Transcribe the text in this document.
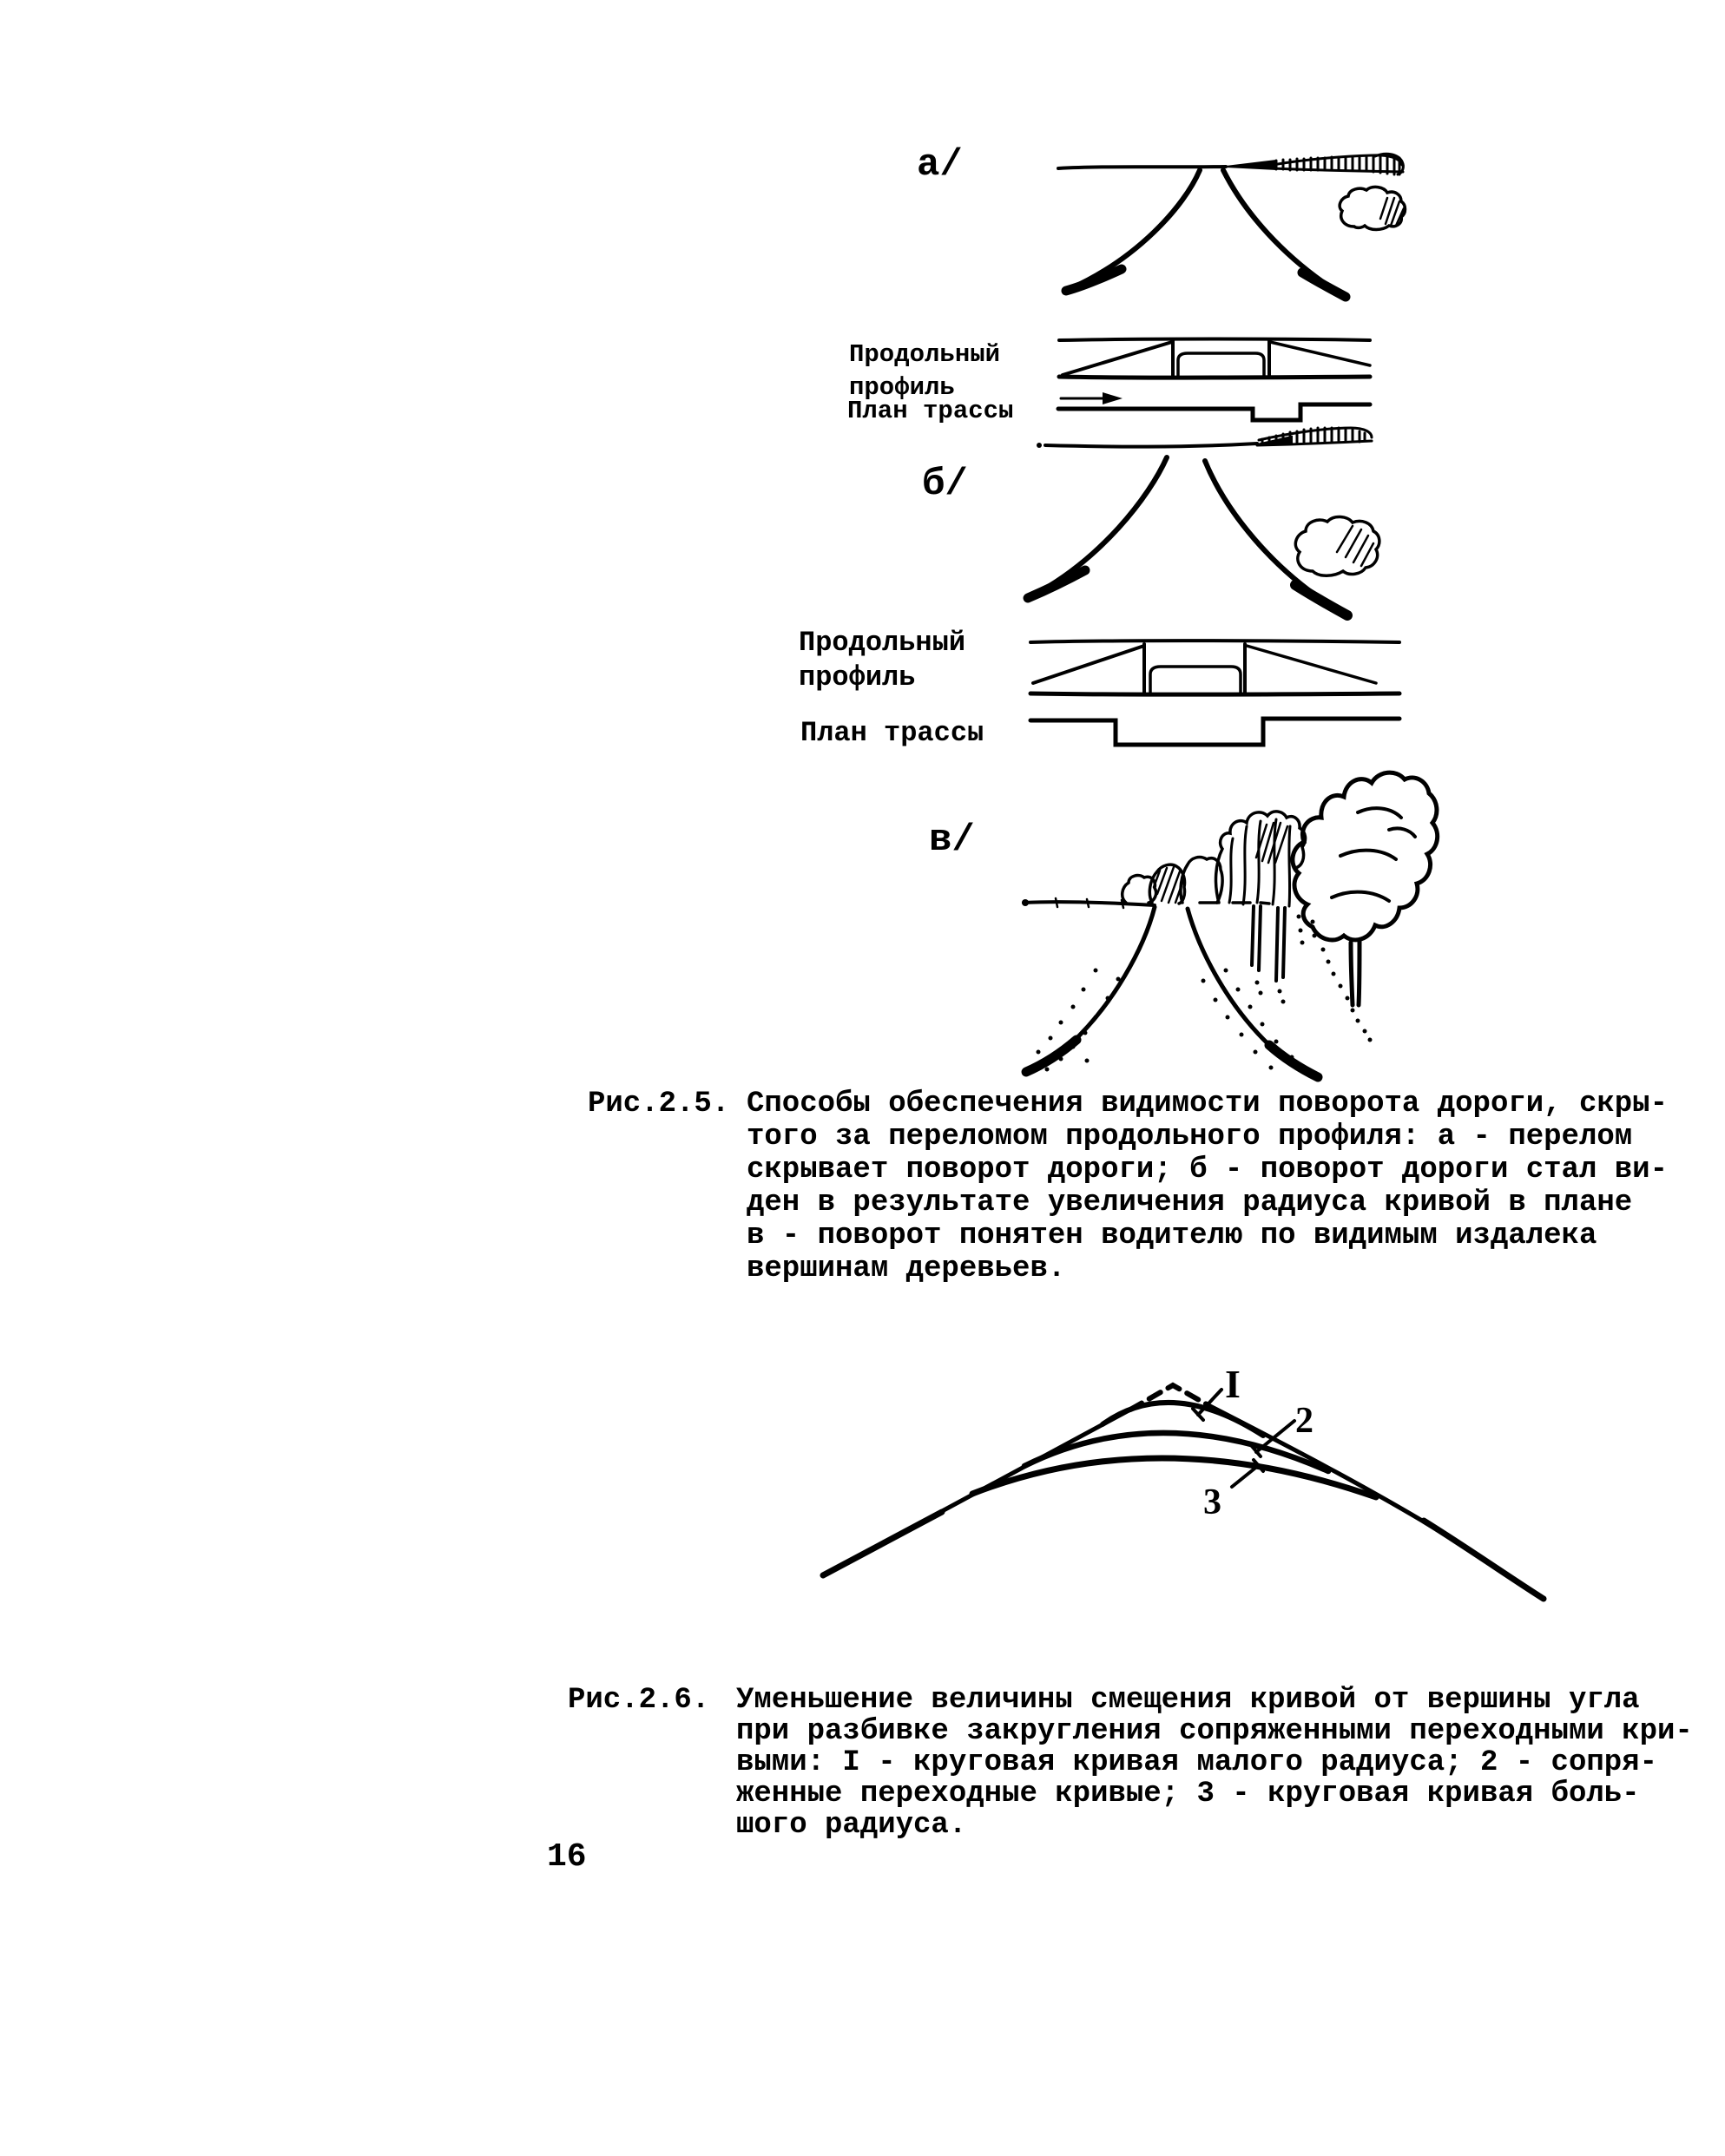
а/
Продольный
профиль
План трассы
б/
Продольный
профиль
План трассы
в/
Рис.2.5. Способы обеспечения видимости поворота дороги, скры-
того за переломом продольного профиля: а - перелом
скрывает поворот дороги; б - поворот дороги стал ви-
ден в результате увеличения радиуса кривой в плане
в - поворот понятен водителю по видимым издалека
вершинам деревьев.
I
2
3
Рис.2.6. Уменьшение величины смещения кривой от вершины угла
при разбивке закругления сопряженными переходными кри-
выми: I - круговая кривая малого радиуса; 2 - сопря-
женные переходные кривые; 3 - круговая кривая боль-
шого радиуса.
16
